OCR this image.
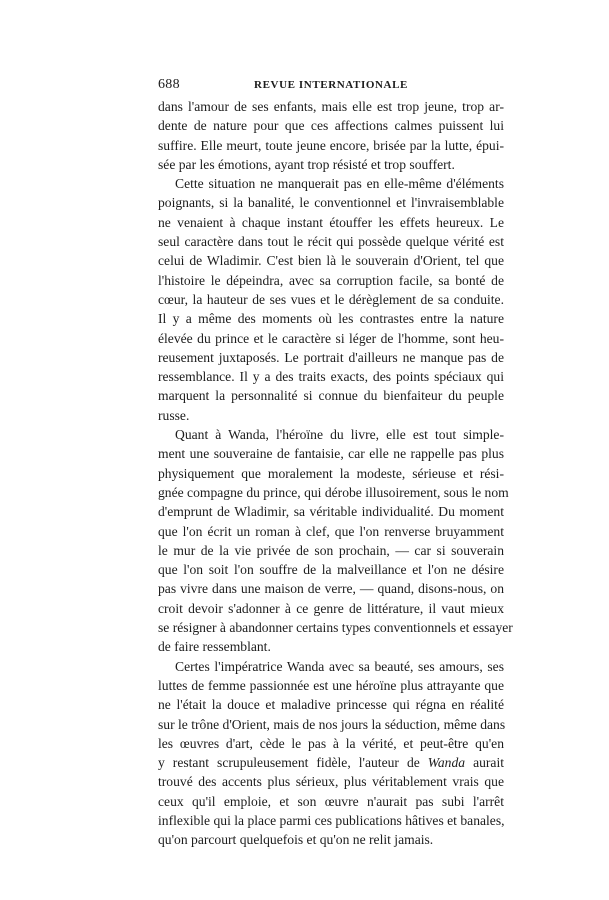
688	REVUE INTERNATIONALE

dans l'amour de ses enfants, mais elle est trop jeune, trop ar-
dente de nature pour que ces affections calmes puissent lui
suffire. Elle meurt, toute jeune encore, brisée par la lutte, épui-
sée par les émotions, ayant trop résisté et trop souffert.

Cette situation ne manquerait pas en elle-même d'éléments
poignants, si la banalité, le conventionnel et l'invraisemblable
ne venaient à chaque instant étouffer les effets heureux. Le
seul caractère dans tout le récit qui possède quelque vérité est
celui de Wladimir. C'est bien là le souverain d'Orient, tel que
l'histoire le dépeindra, avec sa corruption facile, sa bonté de
cœur, la hauteur de ses vues et le dérèglement de sa conduite.
Il y a même des moments où les contrastes entre la nature
élevée du prince et le caractère si léger de l'homme, sont heu-
reusement juxtaposés. Le portrait d'ailleurs ne manque pas de
ressemblance. Il y a des traits exacts, des points spéciaux qui
marquent la personnalité si connue du bienfaiteur du peuple
russe.

Quant à Wanda, l'héroïne du livre, elle est tout simple-
ment une souveraine de fantaisie, car elle ne rappelle pas plus
physiquement que moralement la modeste, sérieuse et rési-
gnée compagne du prince, qui dérobe illusoirement, sous le nom
d'emprunt de Wladimir, sa véritable individualité. Du moment
que l'on écrit un roman à clef, que l'on renverse bruyamment
le mur de la vie privée de son prochain, — car si souverain
que l'on soit l'on souffre de la malveillance et l'on ne désire
pas vivre dans une maison de verre, — quand, disons-nous, on
croit devoir s'adonner à ce genre de littérature, il vaut mieux
se résigner à abandonner certains types conventionnels et essayer
de faire ressemblant.

Certes l'impératrice Wanda avec sa beauté, ses amours, ses
luttes de femme passionnée est une héroïne plus attrayante que
ne l'était la douce et maladive princesse qui régna en réalité
sur le trône d'Orient, mais de nos jours la séduction, même dans
les œuvres d'art, cède le pas à la vérité, et peut-être qu'en
y restant scrupuleusement fidèle, l'auteur de Wanda aurait
trouvé des accents plus sérieux, plus véritablement vrais que
ceux qu'il emploie, et son œuvre n'aurait pas subi l'arrêt
inflexible qui la place parmi ces publications hâtives et banales,
qu'on parcourt quelquefois et qu'on ne relit jamais.
